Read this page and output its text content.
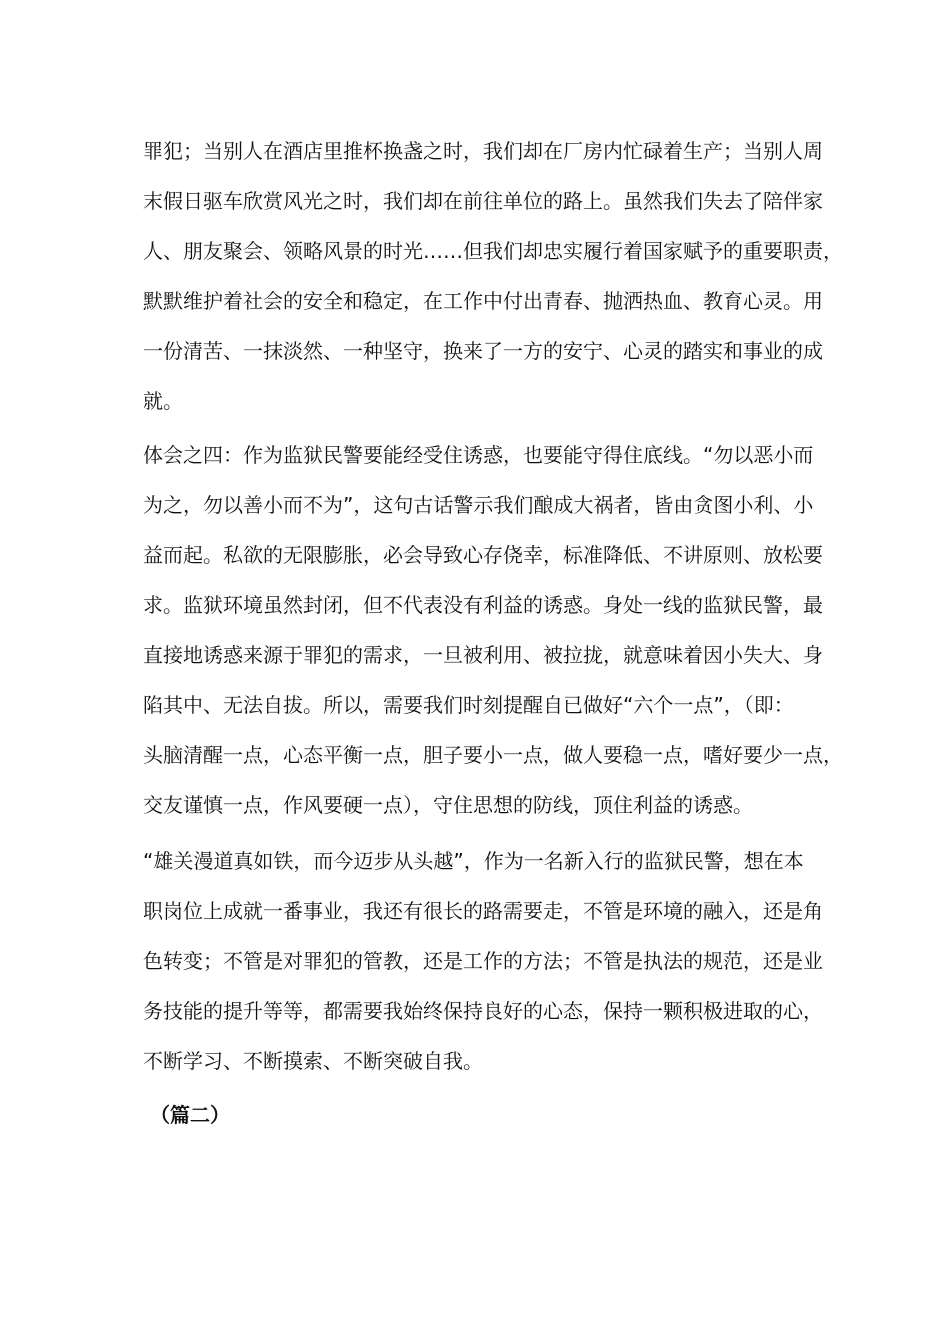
罪犯；当别人在酒店里推杯换盏之时，我们却在厂房内忙碌着生产；当别人周
末假日驱车欣赏风光之时，我们却在前往单位的路上。虽然我们失去了陪伴家
人、朋友聚会、领略风景的时光……但我们却忠实履行着国家赋予的重要职责，
默默维护着社会的安全和稳定，在工作中付出青春、抛洒热血、教育心灵。用
一份清苦、一抹淡然、一种坚守，换来了一方的安宁、心灵的踏实和事业的成
就。
体会之四：作为监狱民警要能经受住诱惑，也要能守得住底线。“勿以恶小而
为之，勿以善小而不为”，这句古话警示我们酿成大祸者，皆由贪图小利、小
益而起。私欲的无限膨胀，必会导致心存侥幸，标准降低、不讲原则、放松要
求。监狱环境虽然封闭，但不代表没有利益的诱惑。身处一线的监狱民警，最
直接地诱惑来源于罪犯的需求，一旦被利用、被拉拢，就意味着因小失大、身
陷其中、无法自拔。所以，需要我们时刻提醒自已做好“六个一点”，（即：
头脑清醒一点，心态平衡一点，胆子要小一点，做人要稳一点，嗜好要少一点，
交友谨慎一点，作风要硬一点），守住思想的防线，顶住利益的诱惑。
“雄关漫道真如铁，而今迈步从头越”，作为一名新入行的监狱民警，想在本
职岗位上成就一番事业，我还有很长的路需要走，不管是环境的融入，还是角
色转变；不管是对罪犯的管教，还是工作的方法；不管是执法的规范，还是业
务技能的提升等等，都需要我始终保持良好的心态，保持一颗积极进取的心，
不断学习、不断摸索、不断突破自我。
（篇二）
